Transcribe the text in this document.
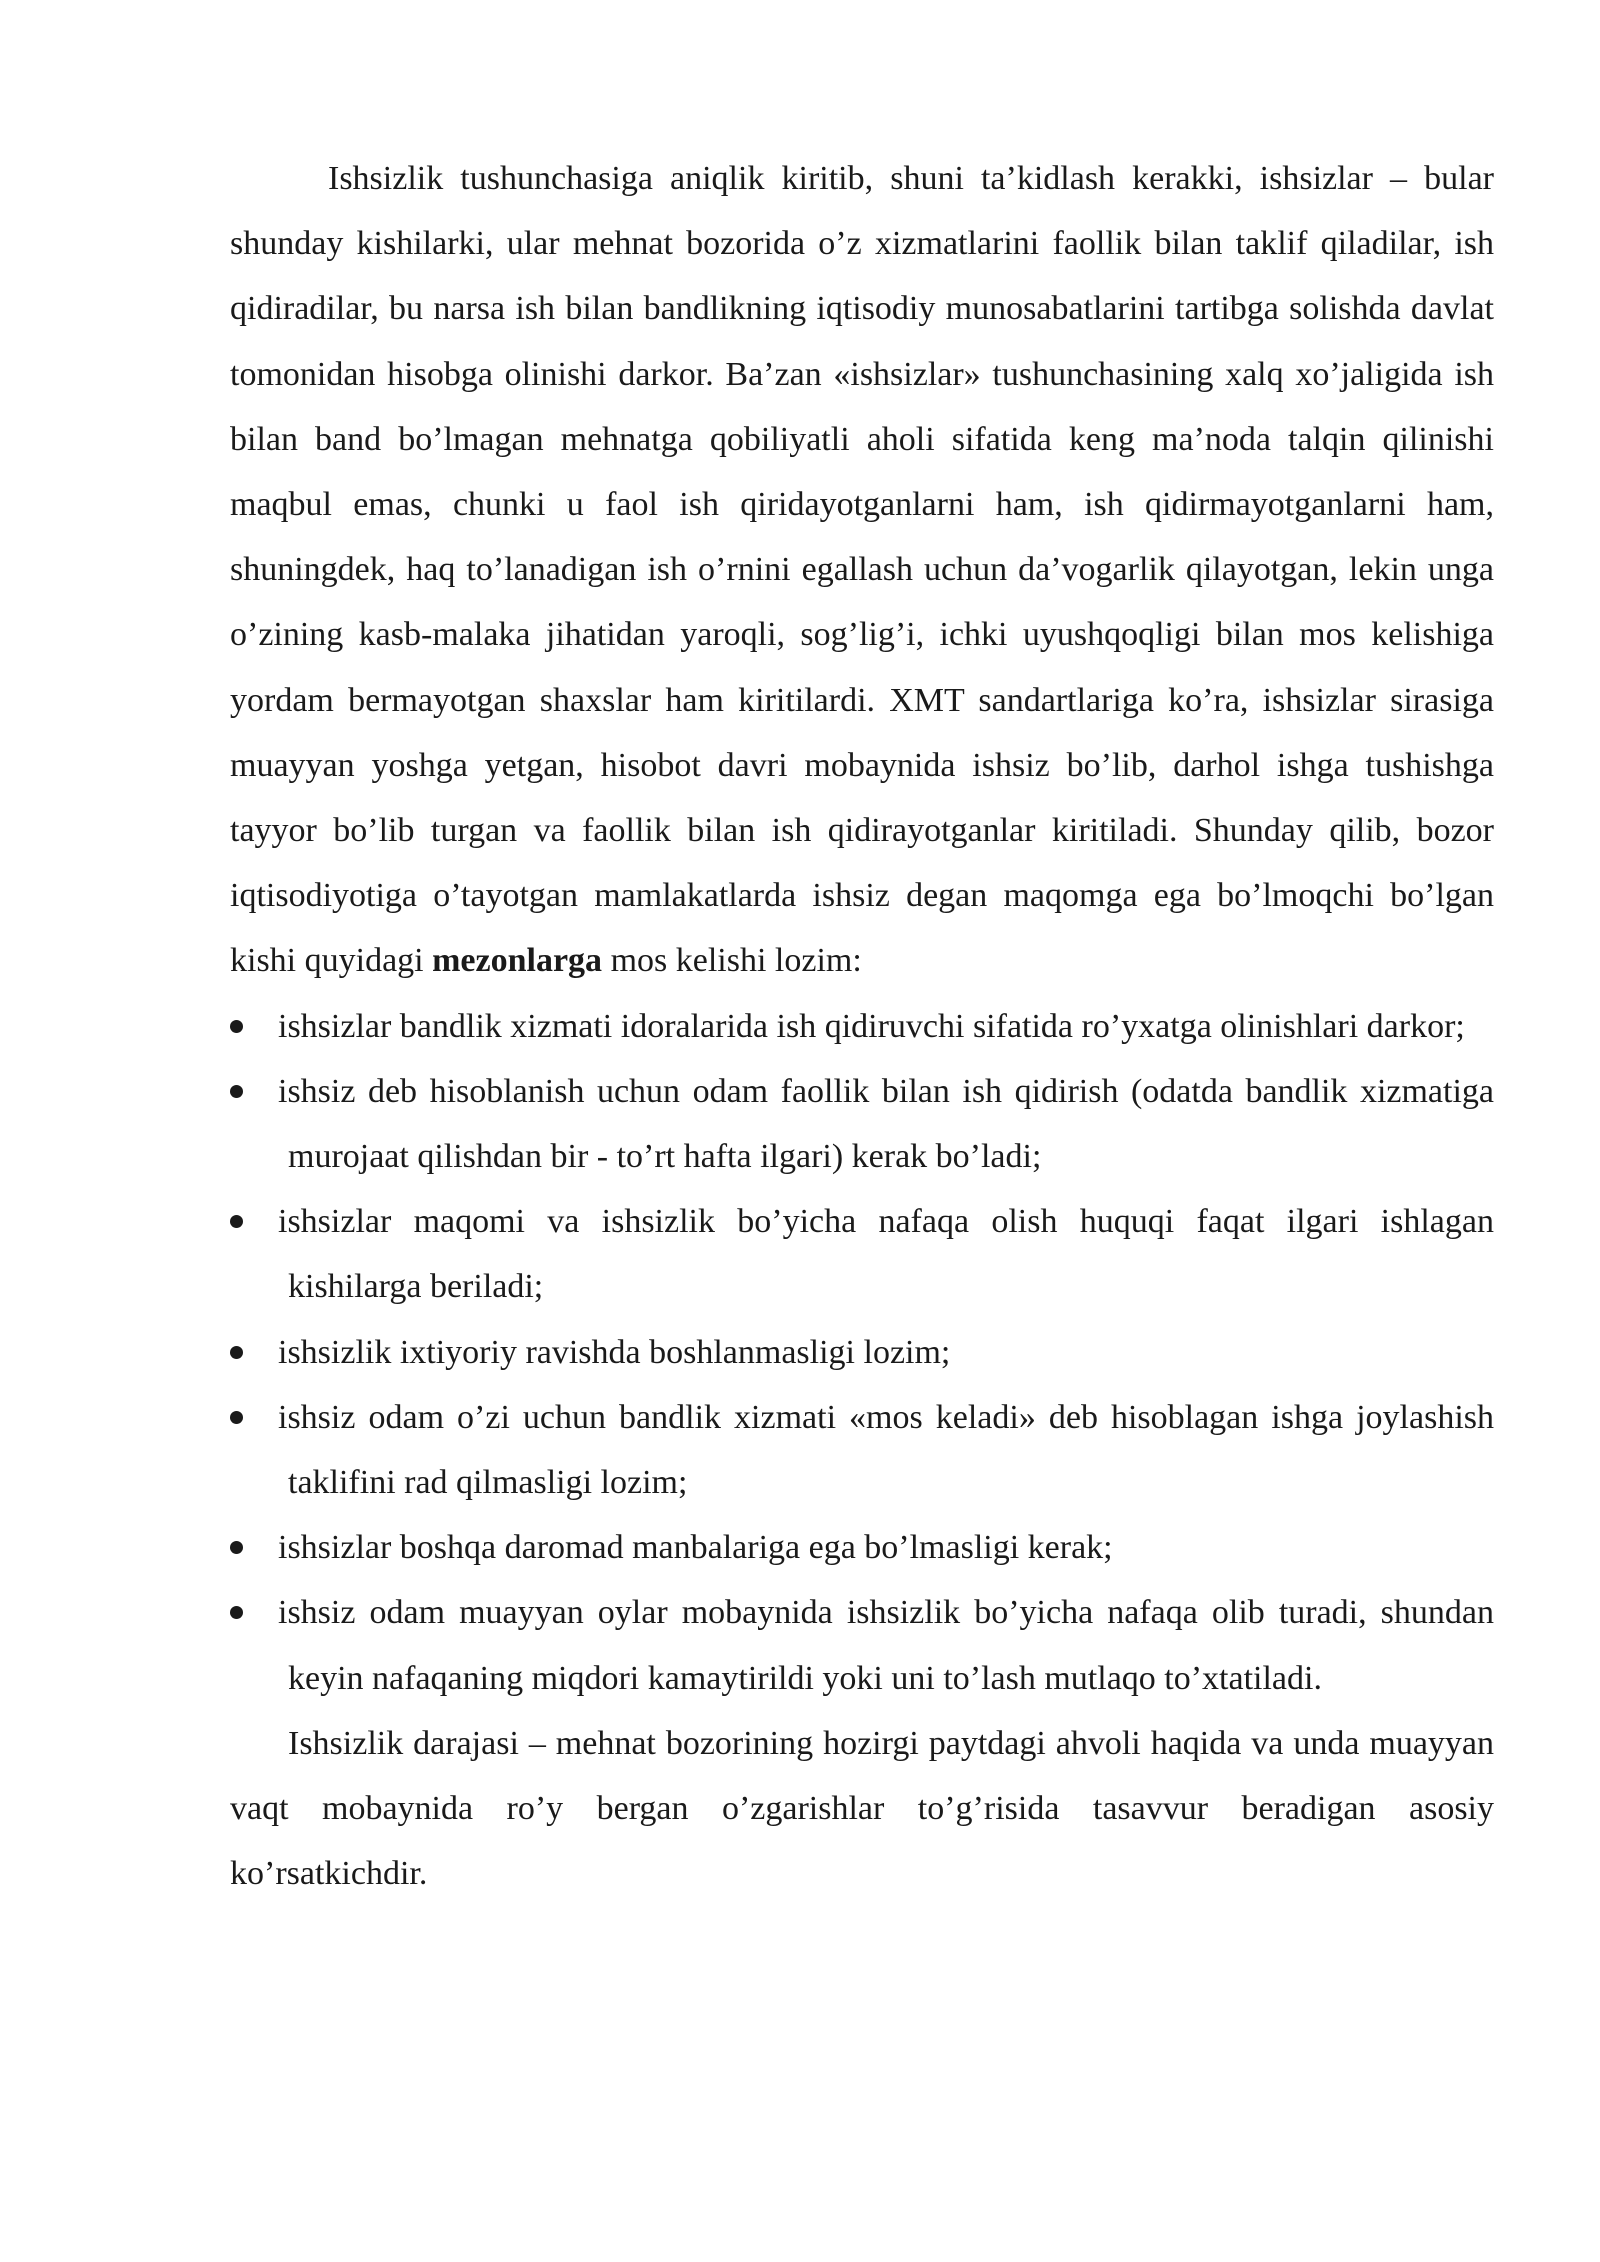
Ishsizlik tushunchasiga aniqlik kiritib, shuni ta’kidlash kerakki, ishsizlar – bular shunday kishilarki, ular mehnat bozorida o’z xizmatlarini faollik bilan taklif qiladilar, ish qidiradilar, bu narsa ish bilan bandlikning iqtisodiy munosabatlarini tartibga solishda davlat tomonidan hisobga olinishi darkor. Ba’zan «ishsizlar» tushunchasining xalq xo’jaligida ish bilan band bo’lmagan mehnatga qobiliyatli aholi sifatida keng ma’noda talqin qilinishi maqbul emas, chunki u faol ish qiridayotganlarni ham, ish qidirmayotganlarni ham, shuningdek, haq to’lanadigan ish o’rnini egallash uchun da’vogarlik qilayotgan, lekin unga o’zining kasb-malaka jihatidan yaroqli, sog’lig’i, ichki uyushqoqligi bilan mos kelishiga yordam bermayotgan shaxslar ham kiritilardi. XMT sandartlariga ko’ra, ishsizlar sirasiga muayyan yoshga yetgan, hisobot davri mobaynida ishsiz bo’lib, darhol ishga tushishga tayyor bo’lib turgan va faollik bilan ish qidirayotganlar kiritiladi. Shunday qilib, bozor iqtisodiyotiga o’tayotgan mamlakatlarda ishsiz degan maqomga ega bo’lmoqchi bo’lgan kishi quyidagi mezonlarga mos kelishi lozim:

ishsizlar bandlik xizmati idoralarida ish qidiruvchi sifatida ro’yxatga olinishlari darkor;
ishsiz deb hisoblanish uchun odam faollik bilan ish qidirish (odatda bandlik xizmatiga murojaat qilishdan bir - to’rt hafta ilgari) kerak bo’ladi;
ishsizlar maqomi va ishsizlik bo’yicha nafaqa olish huquqi faqat ilgari ishlagan kishilarga beriladi;
ishsizlik ixtiyoriy ravishda boshlanmasligi lozim;
ishsiz odam o’zi uchun bandlik xizmati «mos keladi» deb hisoblagan ishga joylashish taklifini rad qilmasligi lozim;
ishsizlar boshqa daromad manbalariga ega bo’lmasligi kerak;
ishsiz odam muayyan oylar mobaynida ishsizlik bo’yicha nafaqa olib turadi, shundan keyin nafaqaning miqdori kamaytirildi yoki uni to’lash mutlaqo to’xtatiladi.

Ishsizlik darajasi – mehnat bozorining hozirgi paytdagi ahvoli haqida va unda muayyan vaqt mobaynida ro’y bergan o’zgarishlar to’g’risida tasavvur beradigan asosiy ko’rsatkichdir.
